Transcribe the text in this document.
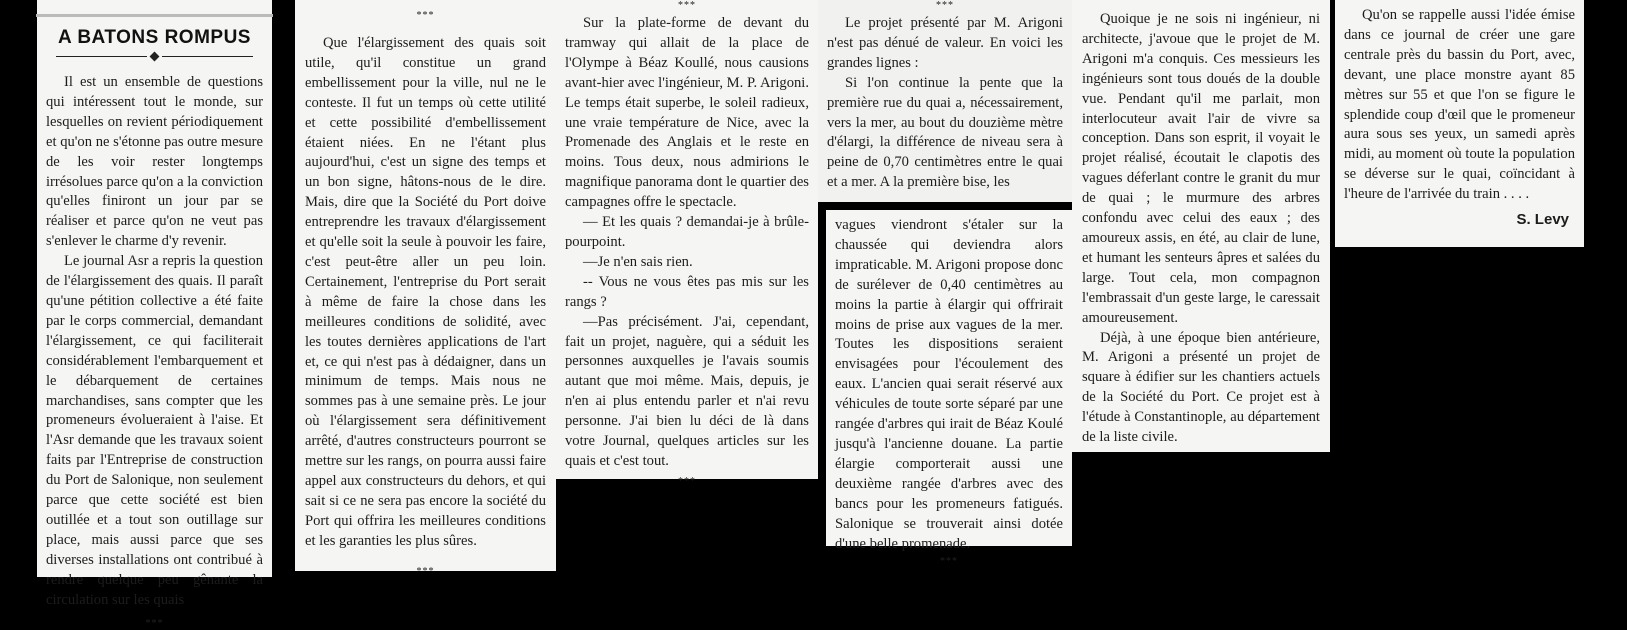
A BATONS ROMPUS

Il est un ensemble de questions qui intéressent tout le monde, sur lesquelles on revient périodiquement et qu'on ne s'étonne pas outre mesure de les voir rester longtemps irrésolues parce qu'on a la conviction qu'elles finiront un jour par se réaliser et parce qu'on ne veut pas s'enlever le charme d'y revenir.

Le journal Asr a repris la question de l'élargissement des quais. Il paraît qu'une pétition collective a été faite par le corps commercial, demandant l'élargissement, ce qui faciliterait considérablement l'embarquement et le débarquement de certaines marchandises, sans compter que les promeneurs évolueraient à l'aise. Et l'Asr demande que les travaux soient faits par l'Entreprise de construction du Port de Salonique, non seulement parce que cette société est bien outillée et a tout son outillage sur place, mais aussi parce que ses diverses installations ont contribué à rendre quelque peu gênante la circulation sur les quais

***
***

Que l'élargissement des quais soit utile, qu'il constitue un grand embellissement pour la ville, nul ne le conteste. Il fut un temps où cette utilité et cette possibilité d'embellissement étaient niées. En ne l'étant plus aujourd'hui, c'est un signe des temps et un bon signe, hâtons-nous de le dire. Mais, dire que la Société du Port doive entreprendre les travaux d'élargissement et qu'elle soit la seule à pouvoir les faire, c'est peut-être aller un peu loin. Certainement, l'entreprise du Port serait à même de faire la chose dans les meilleures conditions de solidité, avec les toutes dernières applications de l'art et, ce qui n'est pas à dédaigner, dans un minimum de temps. Mais nous ne sommes pas à une semaine près. Le jour où l'élargissement sera définitivement arrêté, d'autres constructeurs pourront se mettre sur les rangs, on pourra aussi faire appel aux constructeurs du dehors, et qui sait si ce ne sera pas encore la société du Port qui offrira les meilleures conditions et les garanties les plus sûres.

***
***

Sur la plate-forme de devant du tramway qui allait de la place de l'Olympe à Béaz Koullé, nous causions avant-hier avec l'ingénieur, M. P. Arigoni. Le temps était superbe, le soleil radieux, une vraie température de Nice, avec la Promenade des Anglais et le reste en moins. Tous deux, nous admirions le magnifique panorama dont le quartier des campagnes offre le spectacle.

— Et les quais ? demandai-je à brûle-pourpoint.

—Je n'en sais rien.

-- Vous ne vous êtes pas mis sur les rangs ?

—Pas précisément. J'ai, cependant, fait un projet, naguère, qui a séduit les personnes auxquelles je l'avais soumis autant que moi même. Mais, depuis, je n'en ai plus entendu parler et n'ai revu personne. J'ai bien lu déci de là dans votre Journal, quelques articles sur les quais et c'est tout.

***
***

Le projet présenté par M. Arigoni n'est pas dénué de valeur. En voici les grandes lignes :

Si l'on continue la pente que la première rue du quai a, nécessairement, vers la mer, au bout du douzième mètre d'élargi, la différence de niveau sera à peine de 0,70 centimètres entre le quai et a mer. A la première bise, les

vagues viendront s'étaler sur la chaussée qui deviendra alors impraticable. M. Arigoni propose donc de surélever de 0,40 centimètres au moins la partie à élargir qui offrirait moins de prise aux vagues de la mer. Toutes les dispositions seraient envisagées pour l'écoulement des eaux. L'ancien quai serait réservé aux véhicules de toute sorte séparé par une rangée d'arbres qui irait de Béaz Koulé jusqu'à l'ancienne douane. La partie élargie comporterait aussi une deuxième rangée d'arbres avec des bancs pour les promeneurs fatigués. Salonique se trouverait ainsi dotée d'une belle promenade.

***

Quoique je ne sois ni ingénieur, ni architecte, j'avoue que le projet de M. Arigoni m'a conquis. Ces messieurs les ingénieurs sont tous doués de la double vue. Pendant qu'il me parlait, mon interlocuteur avait l'air de vivre sa conception. Dans son esprit, il voyait le projet réalisé, écoutait le clapotis des vagues déferlant contre le granit du mur de quai ; le murmure des arbres confondu avec celui des eaux ; des amoureux assis, en été, au clair de lune, et humant les senteurs âpres et salées du large. Tout cela, mon compagnon l'embrassait d'un geste large, le caressait amoureusement.

Déjà, à une époque bien antérieure, M. Arigoni a présenté un projet de square à édifier sur les chantiers actuels de la Société du Port. Ce projet est à l'étude à Constantinople, au département de la liste civile.

Qu'on se rappelle aussi l'idée émise dans ce journal de créer une gare centrale près du bassin du Port, avec, devant, une place monstre ayant 85 mètres sur 55 et que l'on se figure le splendide coup d'œil que le promeneur aura sous ses yeux, un samedi après midi, au moment où toute la population se déverse sur le quai, coïncidant à l'heure de l'arrivée du train . . . .

S. Levy
